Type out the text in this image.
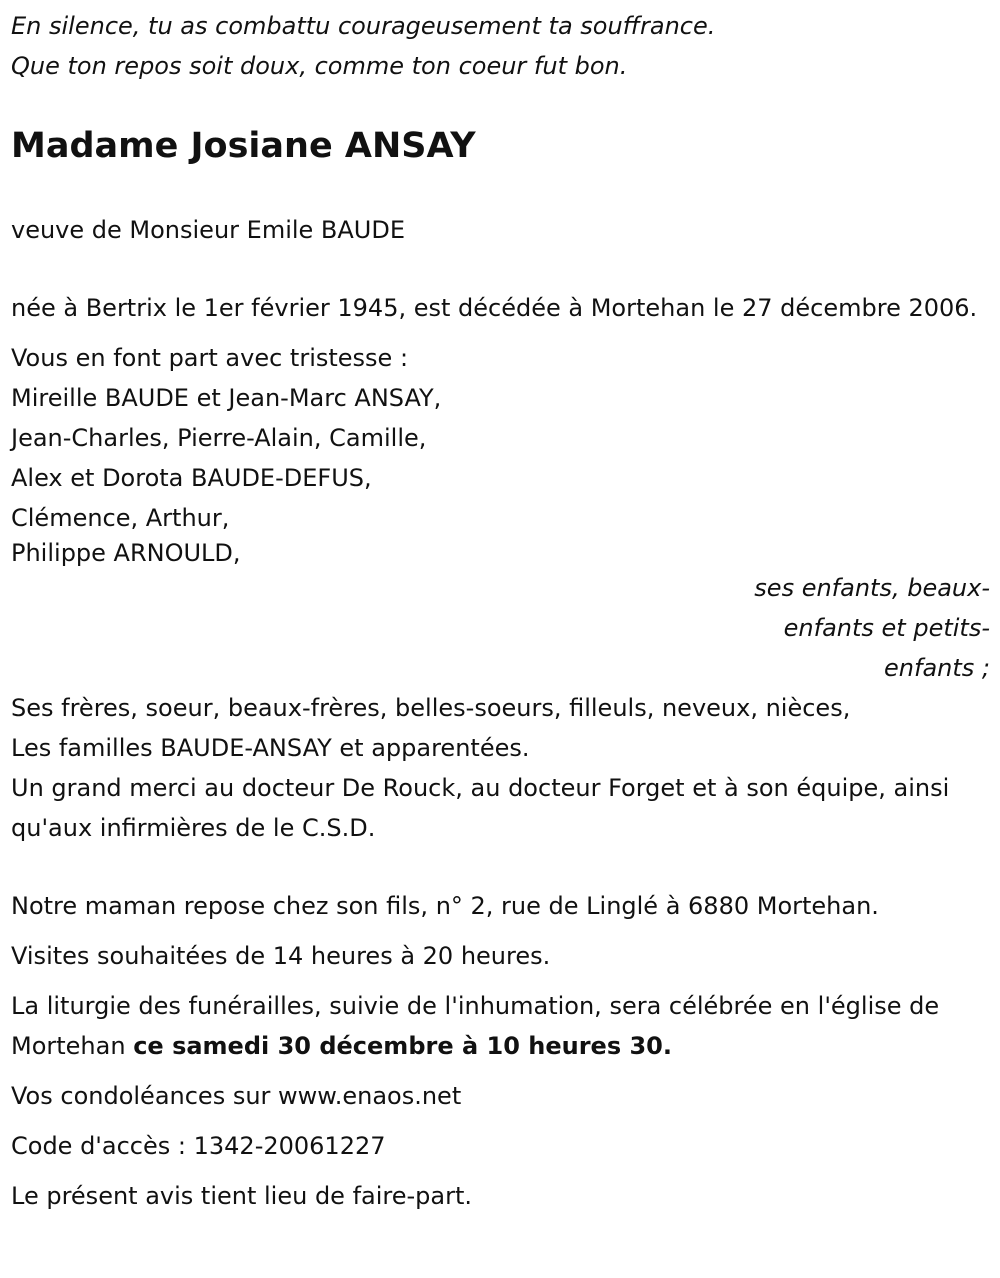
En silence, tu as combattu courageusement ta souffrance.

Que ton repos soit doux, comme ton coeur fut bon.

Madame Josiane ANSAY

veuve de Monsieur Emile BAUDE

née à Bertrix le 1er février 1945, est décédée à Mortehan le 27 décembre 2006.

Vous en font part avec tristesse :

Mireille BAUDE et Jean-Marc ANSAY,

Jean-Charles, Pierre-Alain, Camille,

Alex et Dorota BAUDE-DEFUS,

Clémence, Arthur,

Philippe ARNOULD,

ses enfants, beaux-enfants et petits-enfants ;

Ses frères, soeur, beaux-frères, belles-soeurs, filleuls, neveux, nièces,

Les familles BAUDE-ANSAY et apparentées.

Un grand merci au docteur De Rouck, au docteur Forget et à son équipe, ainsi qu'aux infirmières de le C.S.D.

Notre maman repose chez son fils, n° 2, rue de Linglé à 6880 Mortehan.

Visites souhaitées de 14 heures à 20 heures.

La liturgie des funérailles, suivie de l'inhumation, sera célébrée en l'église de Mortehan ce samedi 30 décembre à 10 heures 30.

Vos condoléances sur www.enaos.net

Code d'accès : 1342-20061227

Le présent avis tient lieu de faire-part.
